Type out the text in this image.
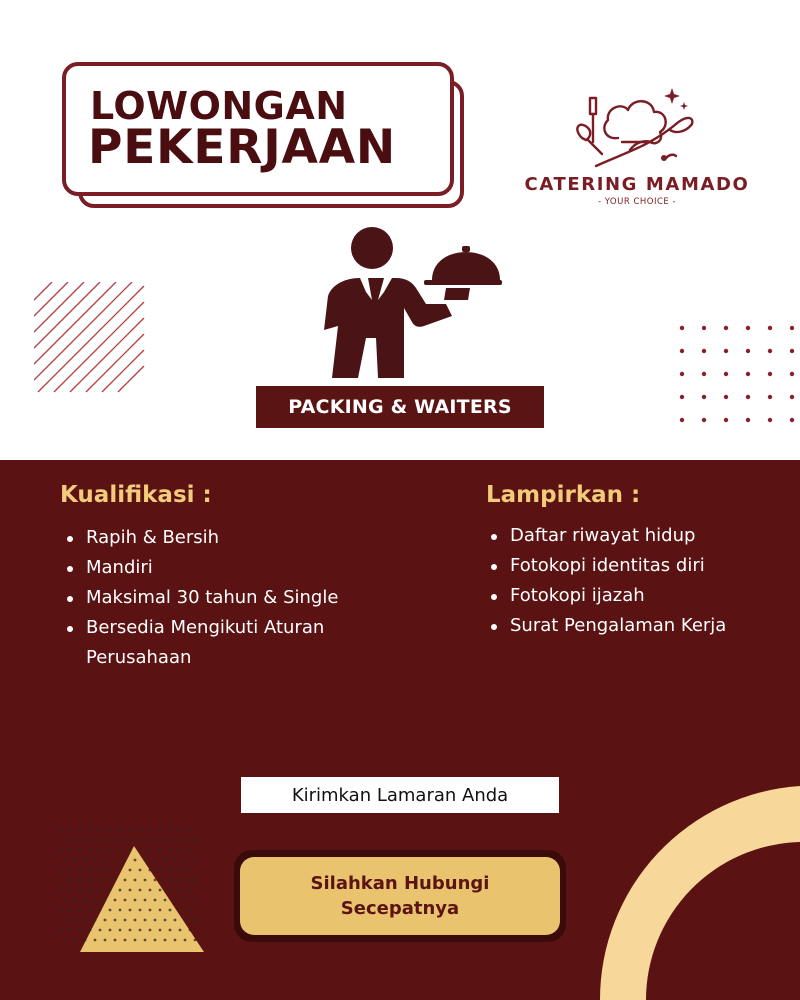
LOWONGAN
PEKERJAAN
CATERING MAMADO
- YOUR CHOICE -
PACKING & WAITERS
Kualifikasi :
Rapih & Bersih
Mandiri
Maksimal 30 tahun & Single
Bersedia Mengikuti Aturan Perusahaan
Lampirkan :
Daftar riwayat hidup
Fotokopi identitas diri
Fotokopi ijazah
Surat Pengalaman Kerja
Kirimkan Lamaran Anda
Silahkan Hubungi
Secepatnya
